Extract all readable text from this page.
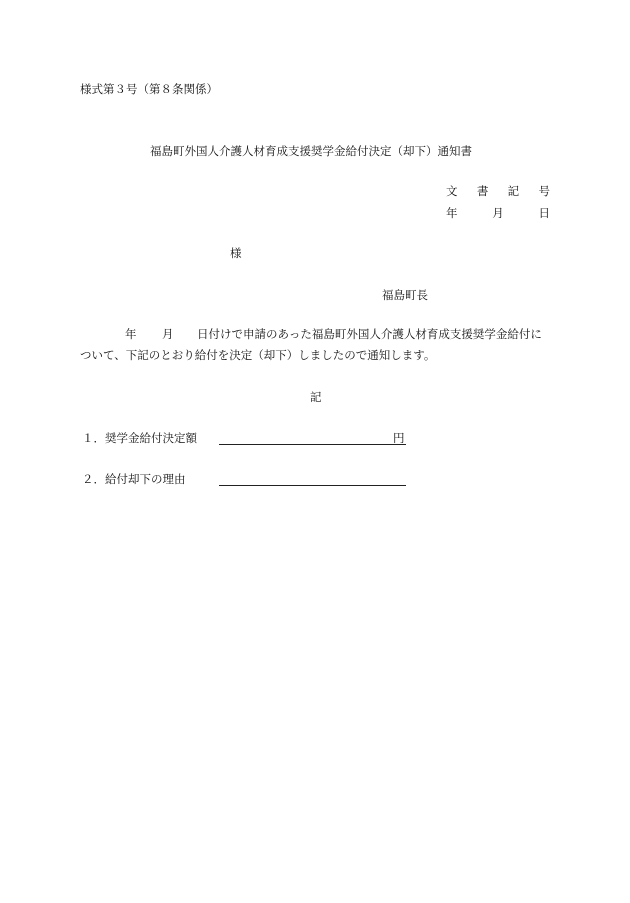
様式第３号（第８条関係）
福島町外国人介護人材育成支援奨学金給付決定（却下）通知書
文 書 記 号
年	月	日
様
福島町長
年 月 日付けで申請のあった福島町外国人介護人材育成支援奨学金給付に
ついて、下記のとおり給付を決定（却下）しましたので通知します。
記
１．奨学金給付決定額	円
２．給付却下の理由
